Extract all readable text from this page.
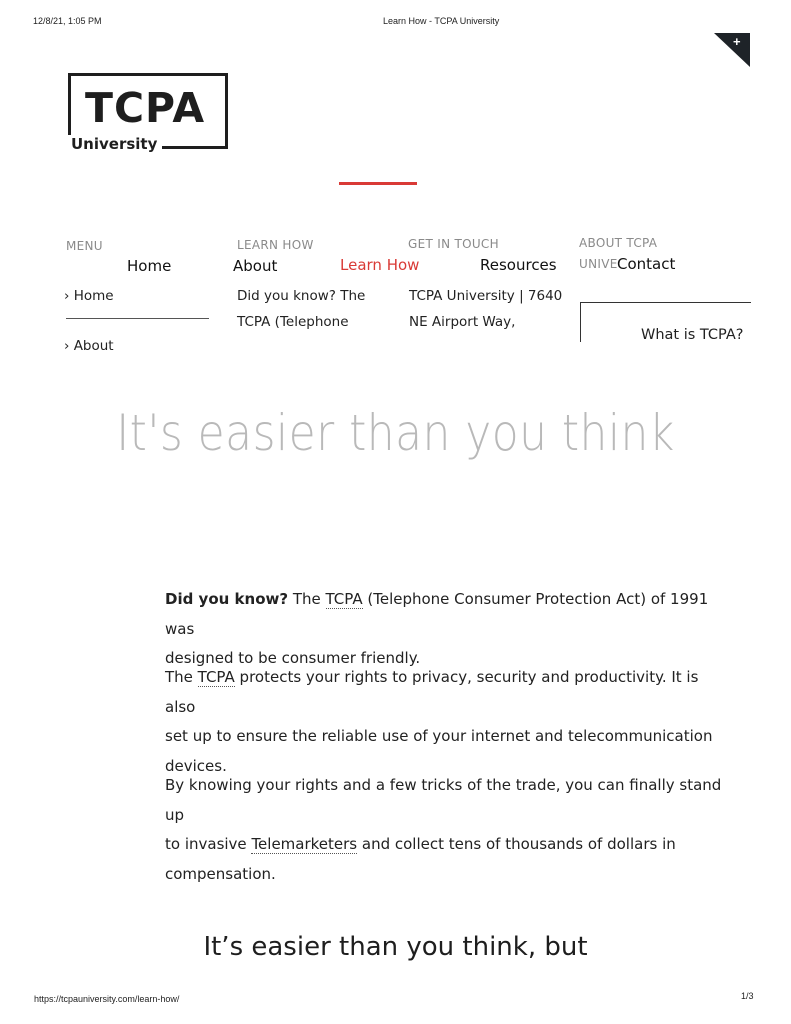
12/8/21, 1:05 PM	Learn How - TCPA University
+
TCPA
University
MENU	LEARN HOW	GET IN TOUCH	ABOUT TCPA
UNIVE
Home	About	Learn How	Resources	Contact
› Home
› About
Did you know? The
TCPA (Telephone
TCPA University | 7640
NE Airport Way,
What is TCPA?
It's easier than you think
Did you know? The TCPA (Telephone Consumer Protection Act) of 1991 was
designed to be consumer friendly.
The TCPA protects your rights to privacy, security and productivity. It is also
set up to ensure the reliable use of your internet and telecommunication
devices.
By knowing your rights and a few tricks of the trade, you can finally stand up
to invasive Telemarketers and collect tens of thousands of dollars in
compensation.
It’s easier than you think, but
https://tcpauniversity.com/learn-how/	1/3
